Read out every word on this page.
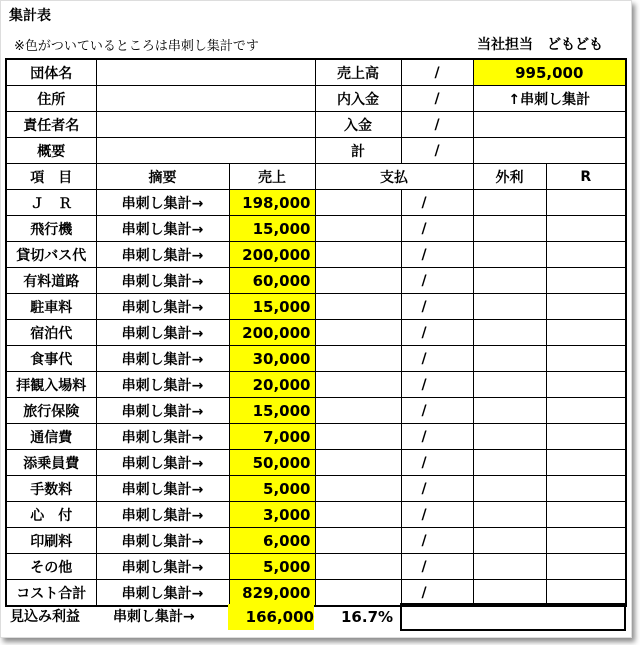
集計表
※色がついているところは串刺し集計です	当社担当　どもども
団体名			売上高	/	995,000	
住所			内入金	/	↑串刺し集計	
責任者名			入金	/		
概要			計	/		
項　目	摘要	売上	支払		外利	R
Ｊ　Ｒ	串刺し集計→	198,000		/		
飛行機	串刺し集計→	15,000		/		
貸切バス代	串刺し集計→	200,000		/		
有料道路	串刺し集計→	60,000		/		
駐車料	串刺し集計→	15,000		/		
宿泊代	串刺し集計→	200,000		/		
食事代	串刺し集計→	30,000		/		
拝観入場料	串刺し集計→	20,000		/		
旅行保険	串刺し集計→	15,000		/		
通信費	串刺し集計→	7,000		/		
添乗員費	串刺し集計→	50,000		/		
手数料	串刺し集計→	5,000		/		
心　付	串刺し集計→	3,000		/		
印刷料	串刺し集計→	6,000		/		
その他	串刺し集計→	5,000		/		
コスト合計	串刺し集計→	829,000		/		
見込み利益 串刺し集計→	166,000 16.7%
